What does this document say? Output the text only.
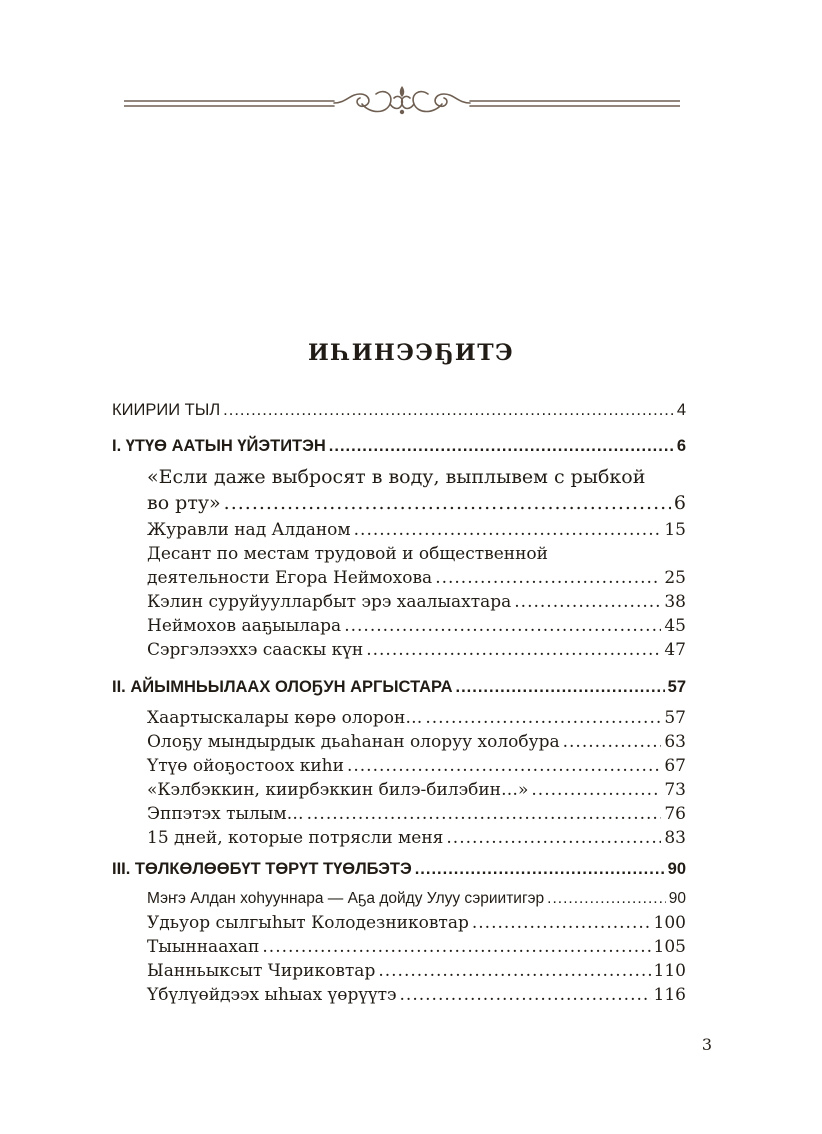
ИҺИНЭЭҔИТЭ
КИИРИИ ТЫЛ .....	4
I. ҮТҮӨ ААТЫН ҮЙЭТИТЭН .....	6
«Если даже выбросят в воду, выплывем с рыбкой
во рту» .....	6
Журавли над Алданом .....	15
Десант по местам трудовой и общественной
деятельности Егора Неймохова .....	25
Кэлин суруйуулларбыт эрэ хаалыахтара .....	38
Неймохов ааҕыылара .....	45
Сэргэлээххэ сааскы күн .....	47
II. АЙЫМНЬЫЛААХ ОЛОҔУН АРГЫСТАРА .....	57
Хаартыскалары көрө олорон… .....	57
Олоҕу мындырдык дьаһанан олоруу холобура .....	63
Үтүө ойоҕостоох киһи .....	67
«Кэлбэккин, киирбэккин билэ-билэбин…» .....	73
Эппэтэх тылым… .....	76
15 дней, которые потрясли меня .....	83
III. ТӨЛКӨЛӨӨБҮТ ТӨРҮТ ТҮӨЛБЭТЭ .....	90
Мэҥэ Алдан хоһууннара — Аҕа дойду Улуу сэриитигэр .....	90
Удьуор сылгыһыт Колодезниковтар .....	100
Тыыннаахап .....	105
Ыанньыксыт Чириковтар .....	110
Үбүлүөйдээх ыһыах үөрүүтэ .....	116
3
